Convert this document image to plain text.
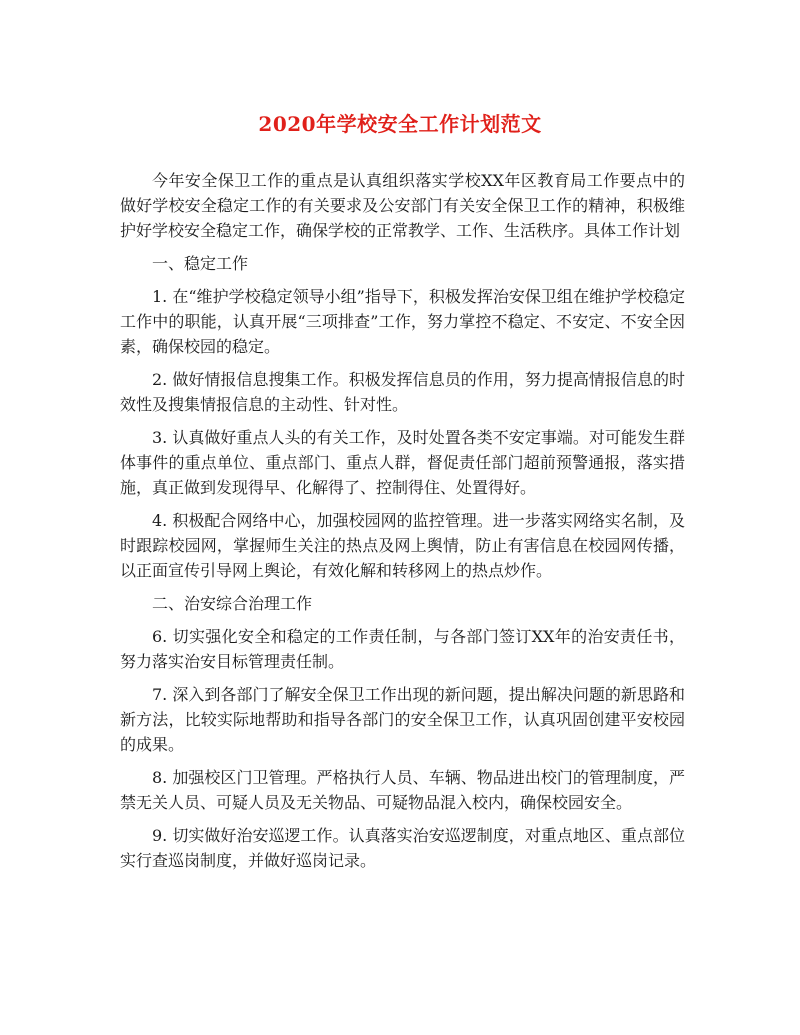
2020年学校安全工作计划范文

今年安全保卫工作的重点是认真组织落实学校XX年区教育局工作要点中的做好学校安全稳定工作的有关要求及公安部门有关安全保卫工作的精神，积极维护好学校安全稳定工作，确保学校的正常教学、工作、生活秩序。具体工作计划

一、稳定工作

1. 在“维护学校稳定领导小组”指导下，积极发挥治安保卫组在维护学校稳定工作中的职能，认真开展“三项排查”工作，努力掌控不稳定、不安定、不安全因素，确保校园的稳定。

2. 做好情报信息搜集工作。积极发挥信息员的作用，努力提高情报信息的时效性及搜集情报信息的主动性、针对性。

3. 认真做好重点人头的有关工作，及时处置各类不安定事端。对可能发生群体事件的重点单位、重点部门、重点人群，督促责任部门超前预警通报，落实措施，真正做到发现得早、化解得了、控制得住、处置得好。

4. 积极配合网络中心，加强校园网的监控管理。进一步落实网络实名制，及时跟踪校园网，掌握师生关注的热点及网上舆情，防止有害信息在校园网传播，以正面宣传引导网上舆论，有效化解和转移网上的热点炒作。

二、治安综合治理工作

6. 切实强化安全和稳定的工作责任制，与各部门签订XX年的治安责任书，努力落实治安目标管理责任制。

7. 深入到各部门了解安全保卫工作出现的新问题，提出解决问题的新思路和新方法，比较实际地帮助和指导各部门的安全保卫工作，认真巩固创建平安校园的成果。

8. 加强校区门卫管理。严格执行人员、车辆、物品进出校门的管理制度，严禁无关人员、可疑人员及无关物品、可疑物品混入校内，确保校园安全。

9. 切实做好治安巡逻工作。认真落实治安巡逻制度，对重点地区、重点部位实行查巡岗制度，并做好巡岗记录。
